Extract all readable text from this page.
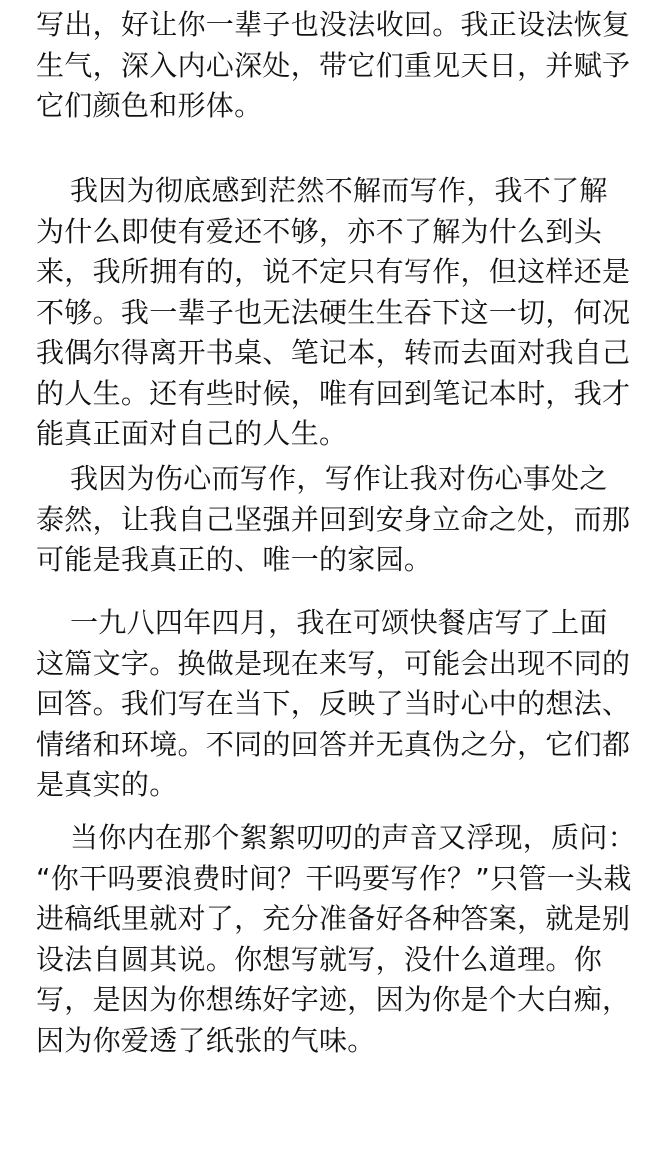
写出，好让你一辈子也没法收回。我正设法恢复
生气，深入内心深处，带它们重见天日，并赋予
它们颜色和形体。

我因为彻底感到茫然不解而写作，我不了解
为什么即使有爱还不够，亦不了解为什么到头
来，我所拥有的，说不定只有写作，但这样还是
不够。我一辈子也无法硬生生吞下这一切，何况
我偶尔得离开书桌、笔记本，转而去面对我自己
的人生。还有些时候，唯有回到笔记本时，我才
能真正面对自己的人生。

我因为伤心而写作，写作让我对伤心事处之
泰然，让我自己坚强并回到安身立命之处，而那
可能是我真正的、唯一的家园。

一九八四年四月，我在可颂快餐店写了上面
这篇文字。换做是现在来写，可能会出现不同的
回答。我们写在当下，反映了当时心中的想法、
情绪和环境。不同的回答并无真伪之分，它们都
是真实的。

当你内在那个絮絮叨叨的声音又浮现，质问：
“你干吗要浪费时间？干吗要写作？”只管一头栽
进稿纸里就对了，充分准备好各种答案，就是别
设法自圆其说。你想写就写，没什么道理。你
写，是因为你想练好字迹，因为你是个大白痴，
因为你爱透了纸张的气味。
